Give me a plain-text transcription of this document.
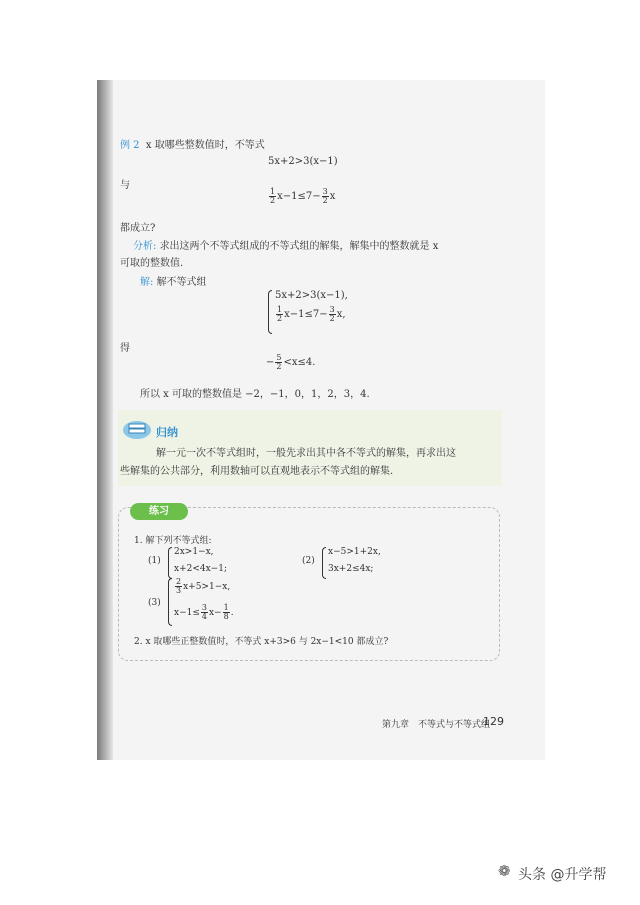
例 2 x 取哪些整数值时，不等式
5x+2>3(x−1)
与
$\frac{1}{2} x-1\le 7- \frac{3}{2}$ x
都成立?
分析: 求出这两个不等式组成的不等式组的解集，解集中的整数就是 x
可取的整数值.
解: 解不等式组
5x+2>3(x−1),
$\frac{1}{2} x-1\le 7- \frac{3}{2} x$,
得
− $\frac{5}{2} <x\le 4$.
所以 x 可取的整数值是 −2，−1，0，1，2，3，4.
归纳
解一元一次不等式组时，一般先求出其中各不等式的解集，再求出这
些解集的公共部分，利用数轴可以直观地表示不等式组的解集.
练习
1. 解下列不等式组:
(1)
2x>1−x,
x+2<4x−1;
(2)
x−5>1+2x,
3x+2≤4x;
(3)
$\frac{2}{3} x+5>1-x$,
$x-1\le \frac{3}{4} x- \frac{1}{8}$ .
2. x 取哪些正整数值时，不等式 x+3>6 与 2x−1<10 都成立?
第九章　不等式与不等式组
129
❁ 头条 @升学帮
